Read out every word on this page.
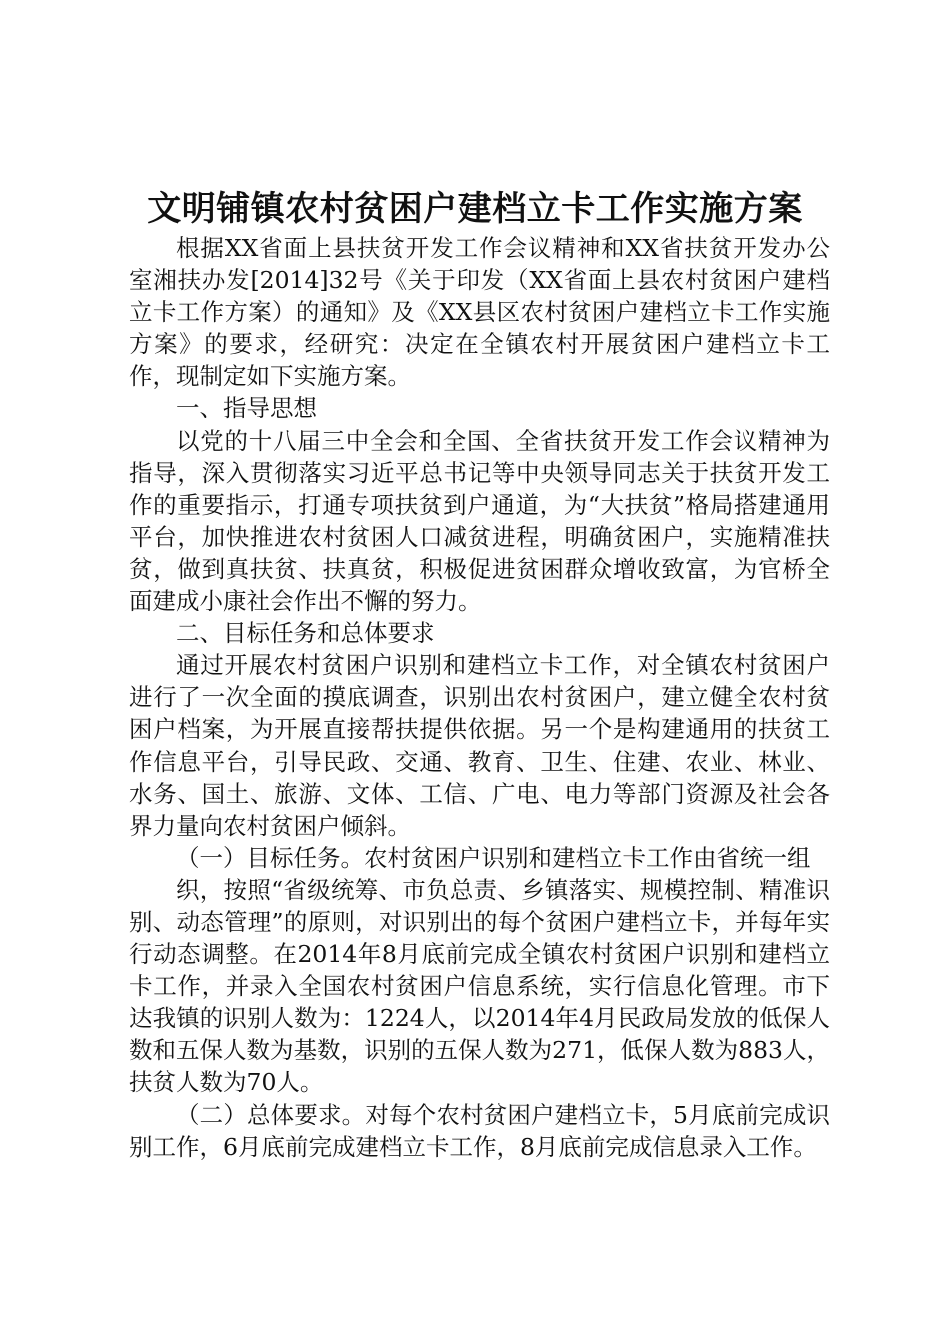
文明铺镇农村贫困户建档立卡工作实施方案

根据XX省面上县扶贫开发工作会议精神和XX省扶贫开发办公室湘扶办发[2014]32号《关于印发（XX省面上县农村贫困户建档立卡工作方案）的通知》及《XX县区农村贫困户建档立卡工作实施方案》的要求，经研究：决定在全镇农村开展贫困户建档立卡工作，现制定如下实施方案。

一、指导思想

以党的十八届三中全会和全国、全省扶贫开发工作会议精神为指导，深入贯彻落实习近平总书记等中央领导同志关于扶贫开发工作的重要指示，打通专项扶贫到户通道，为“大扶贫”格局搭建通用平台，加快推进农村贫困人口减贫进程，明确贫困户，实施精准扶贫，做到真扶贫、扶真贫，积极促进贫困群众增收致富，为官桥全面建成小康社会作出不懈的努力。

二、目标任务和总体要求

通过开展农村贫困户识别和建档立卡工作，对全镇农村贫困户进行了一次全面的摸底调查，识别出农村贫困户，建立健全农村贫困户档案，为开展直接帮扶提供依据。另一个是构建通用的扶贫工作信息平台，引导民政、交通、教育、卫生、住建、农业、林业、水务、国土、旅游、文体、工信、广电、电力等部门资源及社会各界力量向农村贫困户倾斜。

（一）目标任务。农村贫困户识别和建档立卡工作由省统一组

织，按照“省级统筹、市负总责、乡镇落实、规模控制、精准识别、动态管理”的原则，对识别出的每个贫困户建档立卡，并每年实行动态调整。在2014年8月底前完成全镇农村贫困户识别和建档立卡工作，并录入全国农村贫困户信息系统，实行信息化管理。市下达我镇的识别人数为：1224人，以2014年4月民政局发放的低保人数和五保人数为基数，识别的五保人数为271，低保人数为883人，扶贫人数为70人。

（二）总体要求。对每个农村贫困户建档立卡，5月底前完成识别工作，6月底前完成建档立卡工作，8月底前完成信息录入工作。
